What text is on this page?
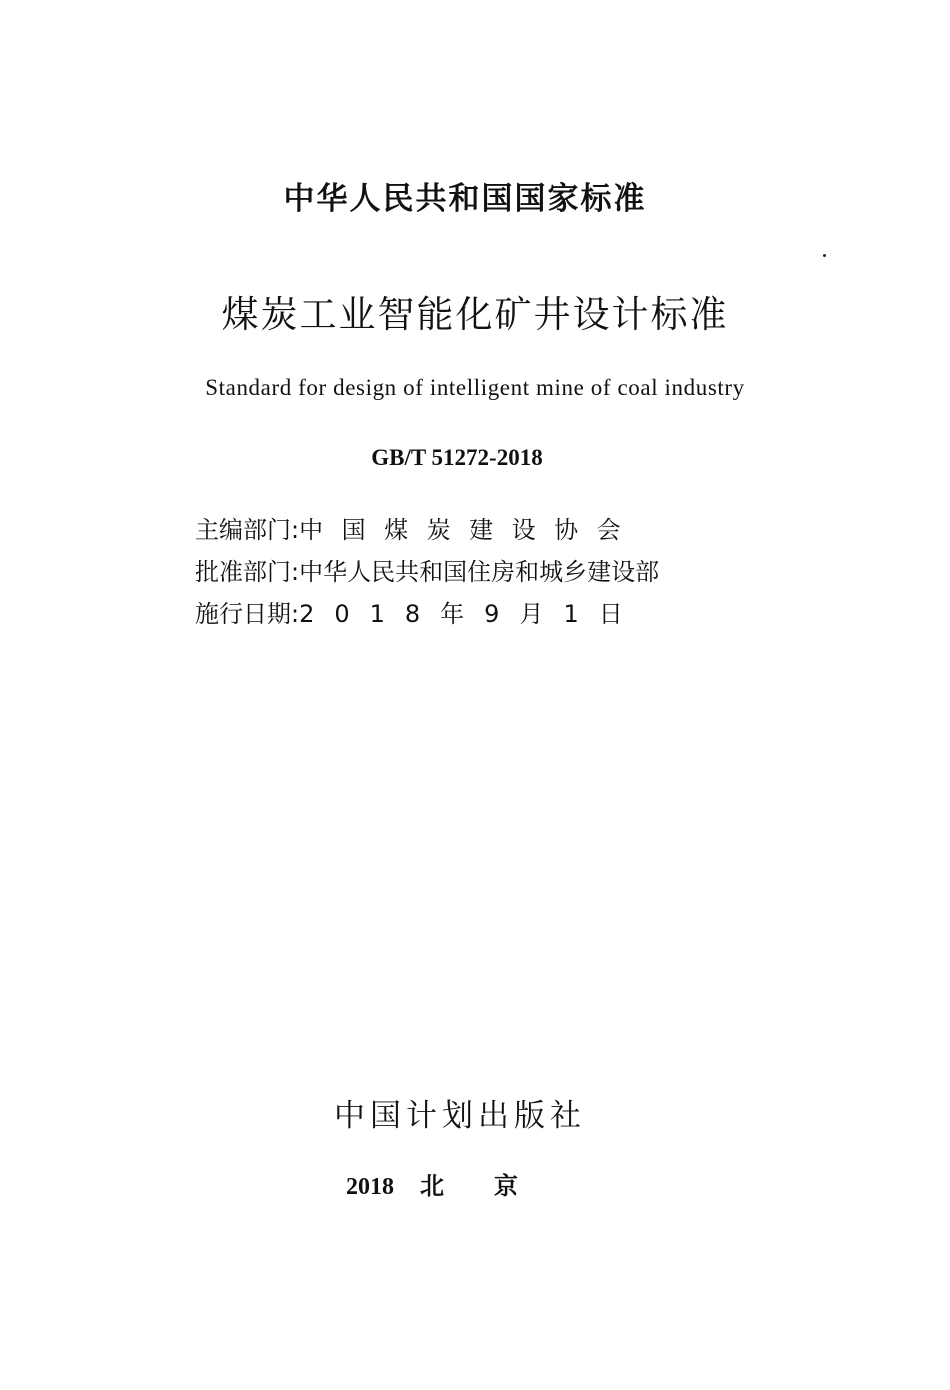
中华人民共和国国家标准
煤炭工业智能化矿井设计标准
Standard for design of intelligent mine of coal industry
GB/T 51272-2018
主编部门: 中国煤炭建设协会
批准部门: 中华人民共和国住房和城乡建设部
施行日期: 2018年9月1日
中国计划出版社
2018 北京
